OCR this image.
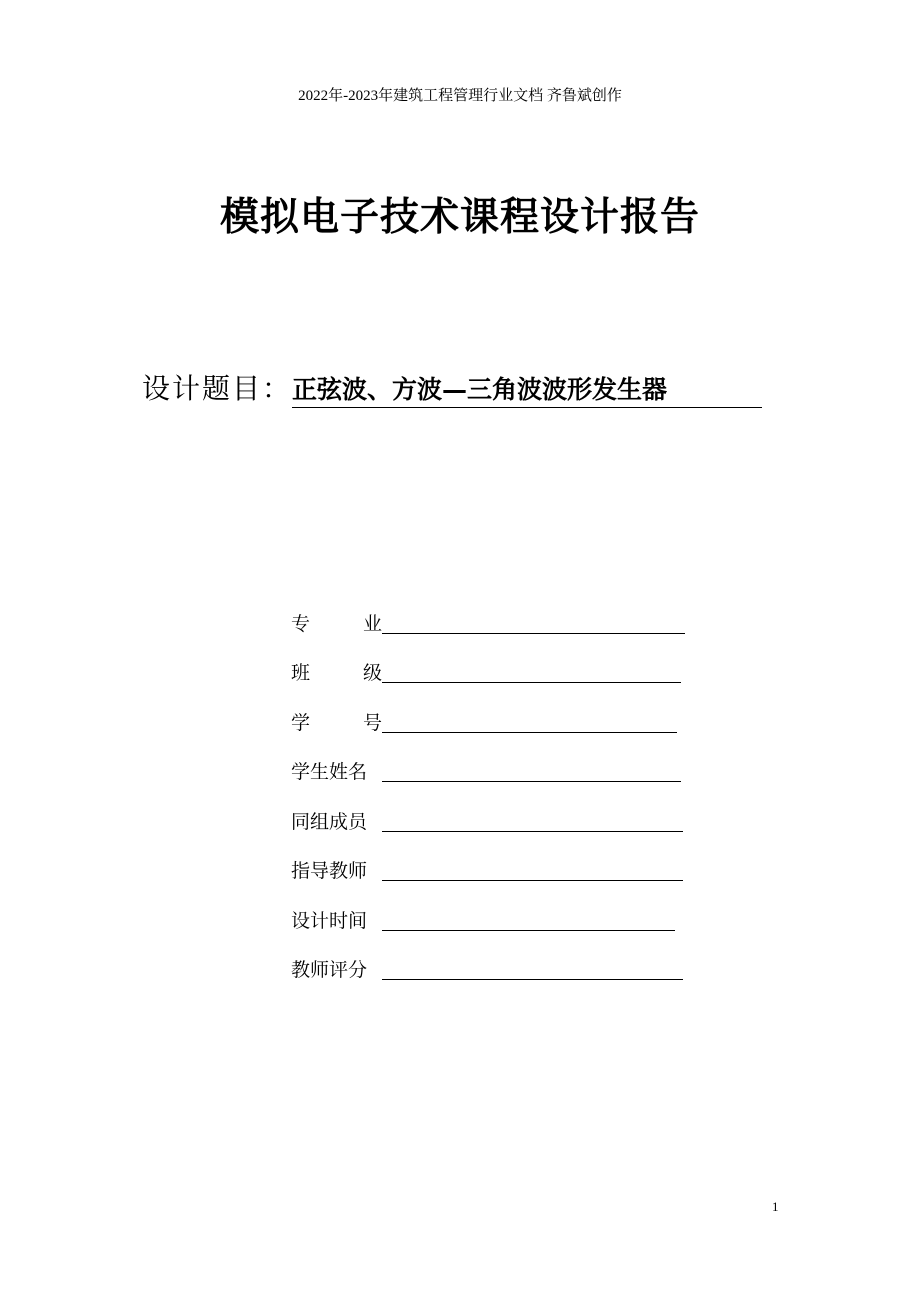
2022年-2023年建筑工程管理行业文档 齐鲁斌创作
模拟电子技术课程设计报告
设计题目：正弦波、方波—三角波波形发生器
专	业
班	级
学	号
学生姓名
同组成员
指导教师
设计时间
教师评分
1
